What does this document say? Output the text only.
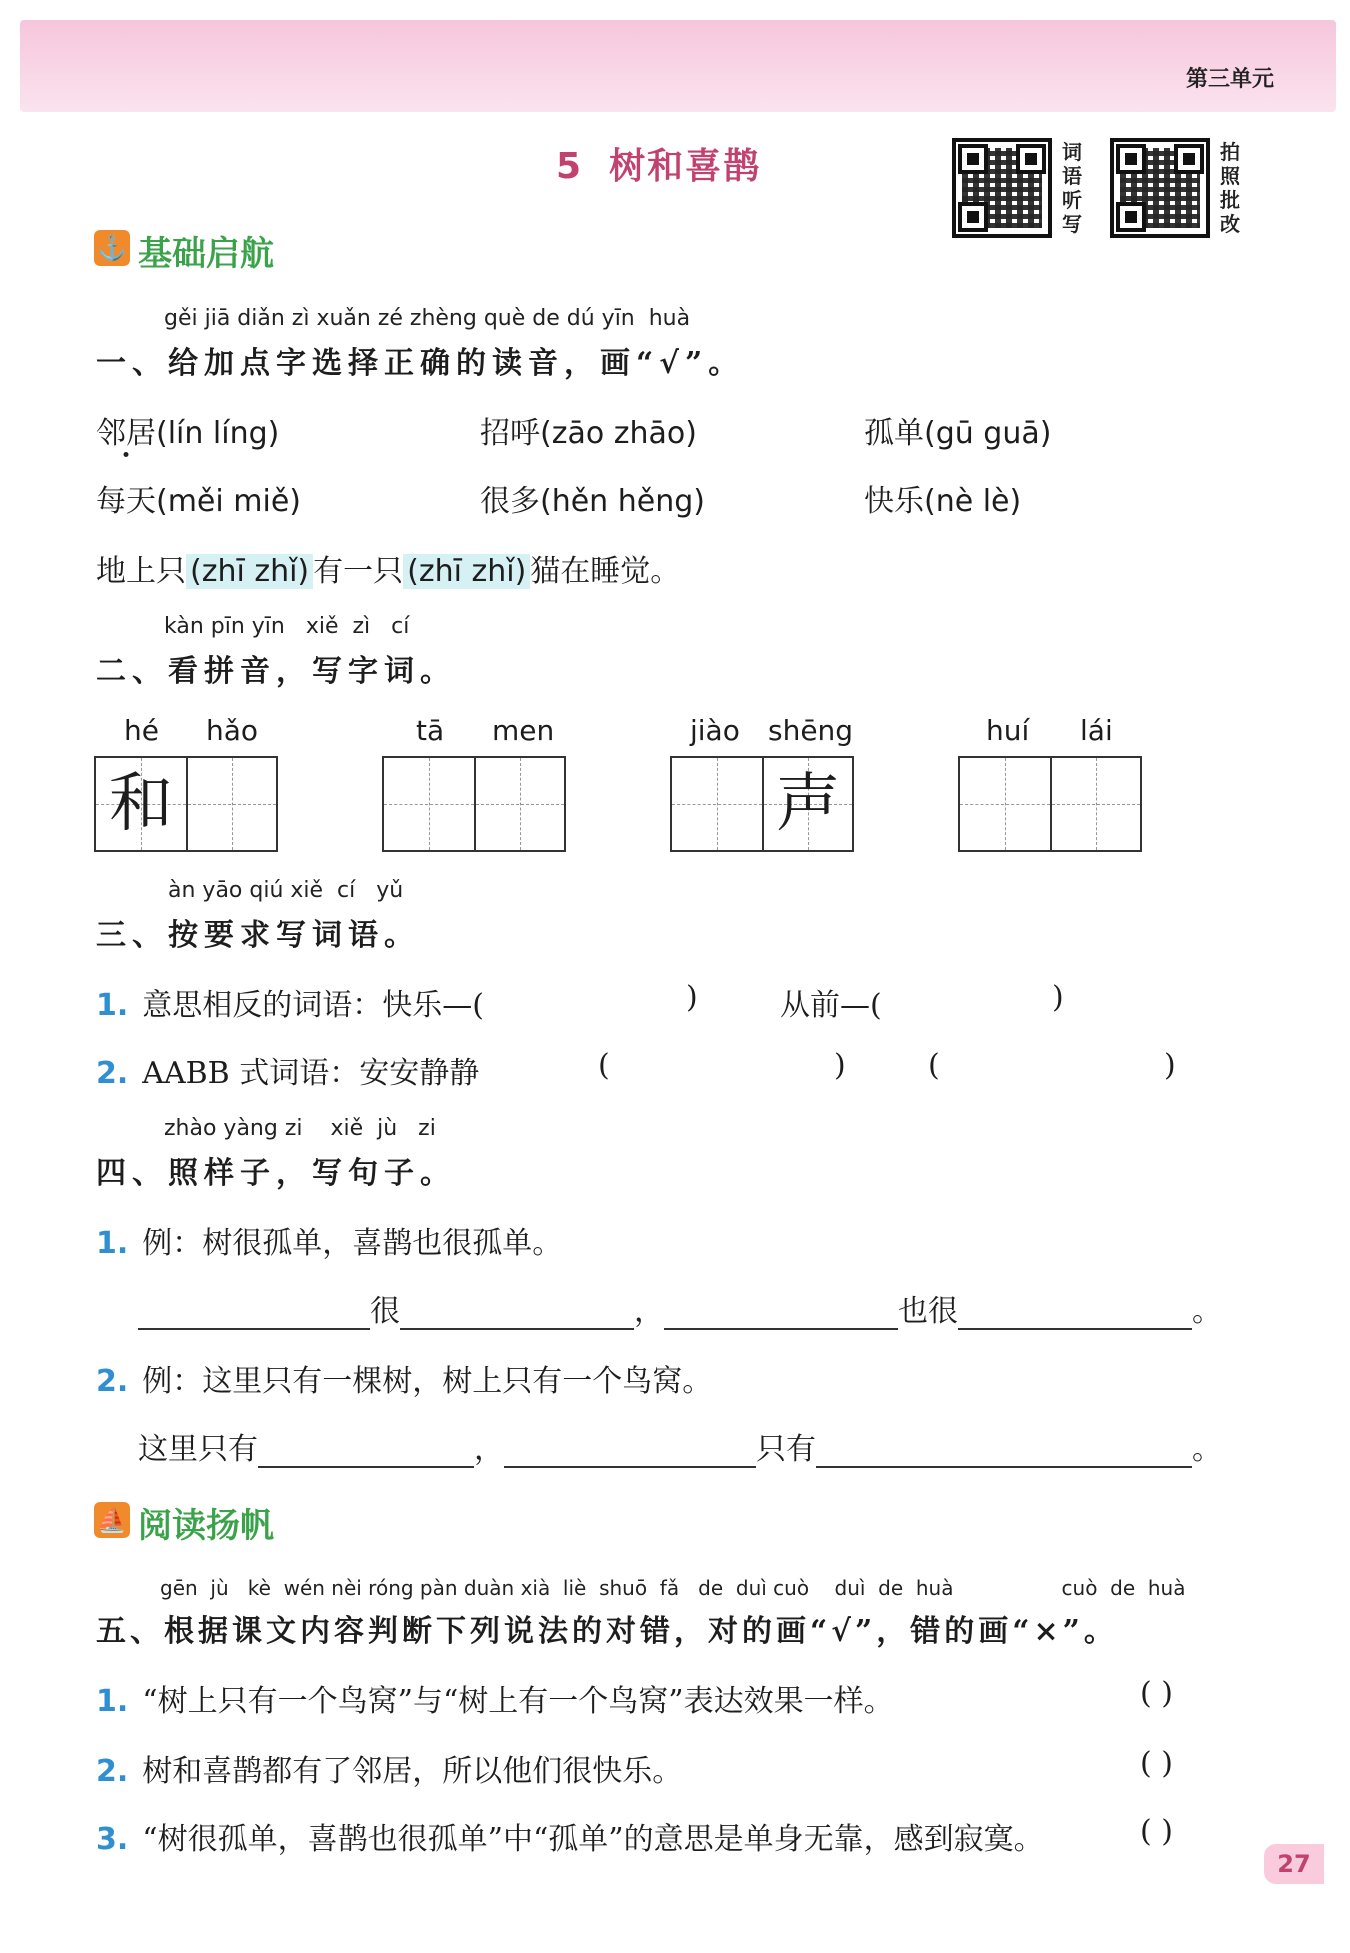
第三单元
5 树和喜鹊	词语听写
拍照批改
⚓ 基础启航
gěi jiā diǎn zì xuǎn zé zhèng què de dú yīn  huà
一、给加点字选择正确的读音，画“√”。
邻居(lín líng)	招呼(zāo zhāo)	孤单(gū guā)
每天(měi miě)	很多(hěn hěng)	快乐(nè lè)
地上只 (zhī zhǐ) 有一只 (zhī zhǐ) 猫在睡觉。
kàn pīn yīn   xiě  zì   cí
二、看拼音，写字词。
hé hǎo
和
tā men	jiào shēng
声
huí lái
àn yāo qiú xiě  cí   yǔ
三、按要求写词语。
1. 意思相反的词语：快乐—(	)	从前—(	)
2. AABB 式词语：安安静静	(	)	(	)
zhào yàng zi    xiě  jù   zi
四、照样子，写句子。
1. 例：树很孤单，喜鹊也很孤单。
很	，	也很	。
2. 例：这里只有一棵树，树上只有一个鸟窝。
这里只有	，	只有	。
⛵ 阅读扬帆
gēn  jù   kè  wén nèi róng pàn duàn xià  liè  shuō  fǎ   de  duì cuò    duì  de  huà                 cuò  de  huà
五、根据课文内容判断下列说法的对错，对的画“√”，错的画“×”。
1. “树上只有一个鸟窝”与“树上有一个鸟窝”表达效果一样。	( )
2. 树和喜鹊都有了邻居，所以他们很快乐。	( )
3. “树很孤单，喜鹊也很孤单”中“孤单”的意思是单身无靠，感到寂寞。	( )
27
